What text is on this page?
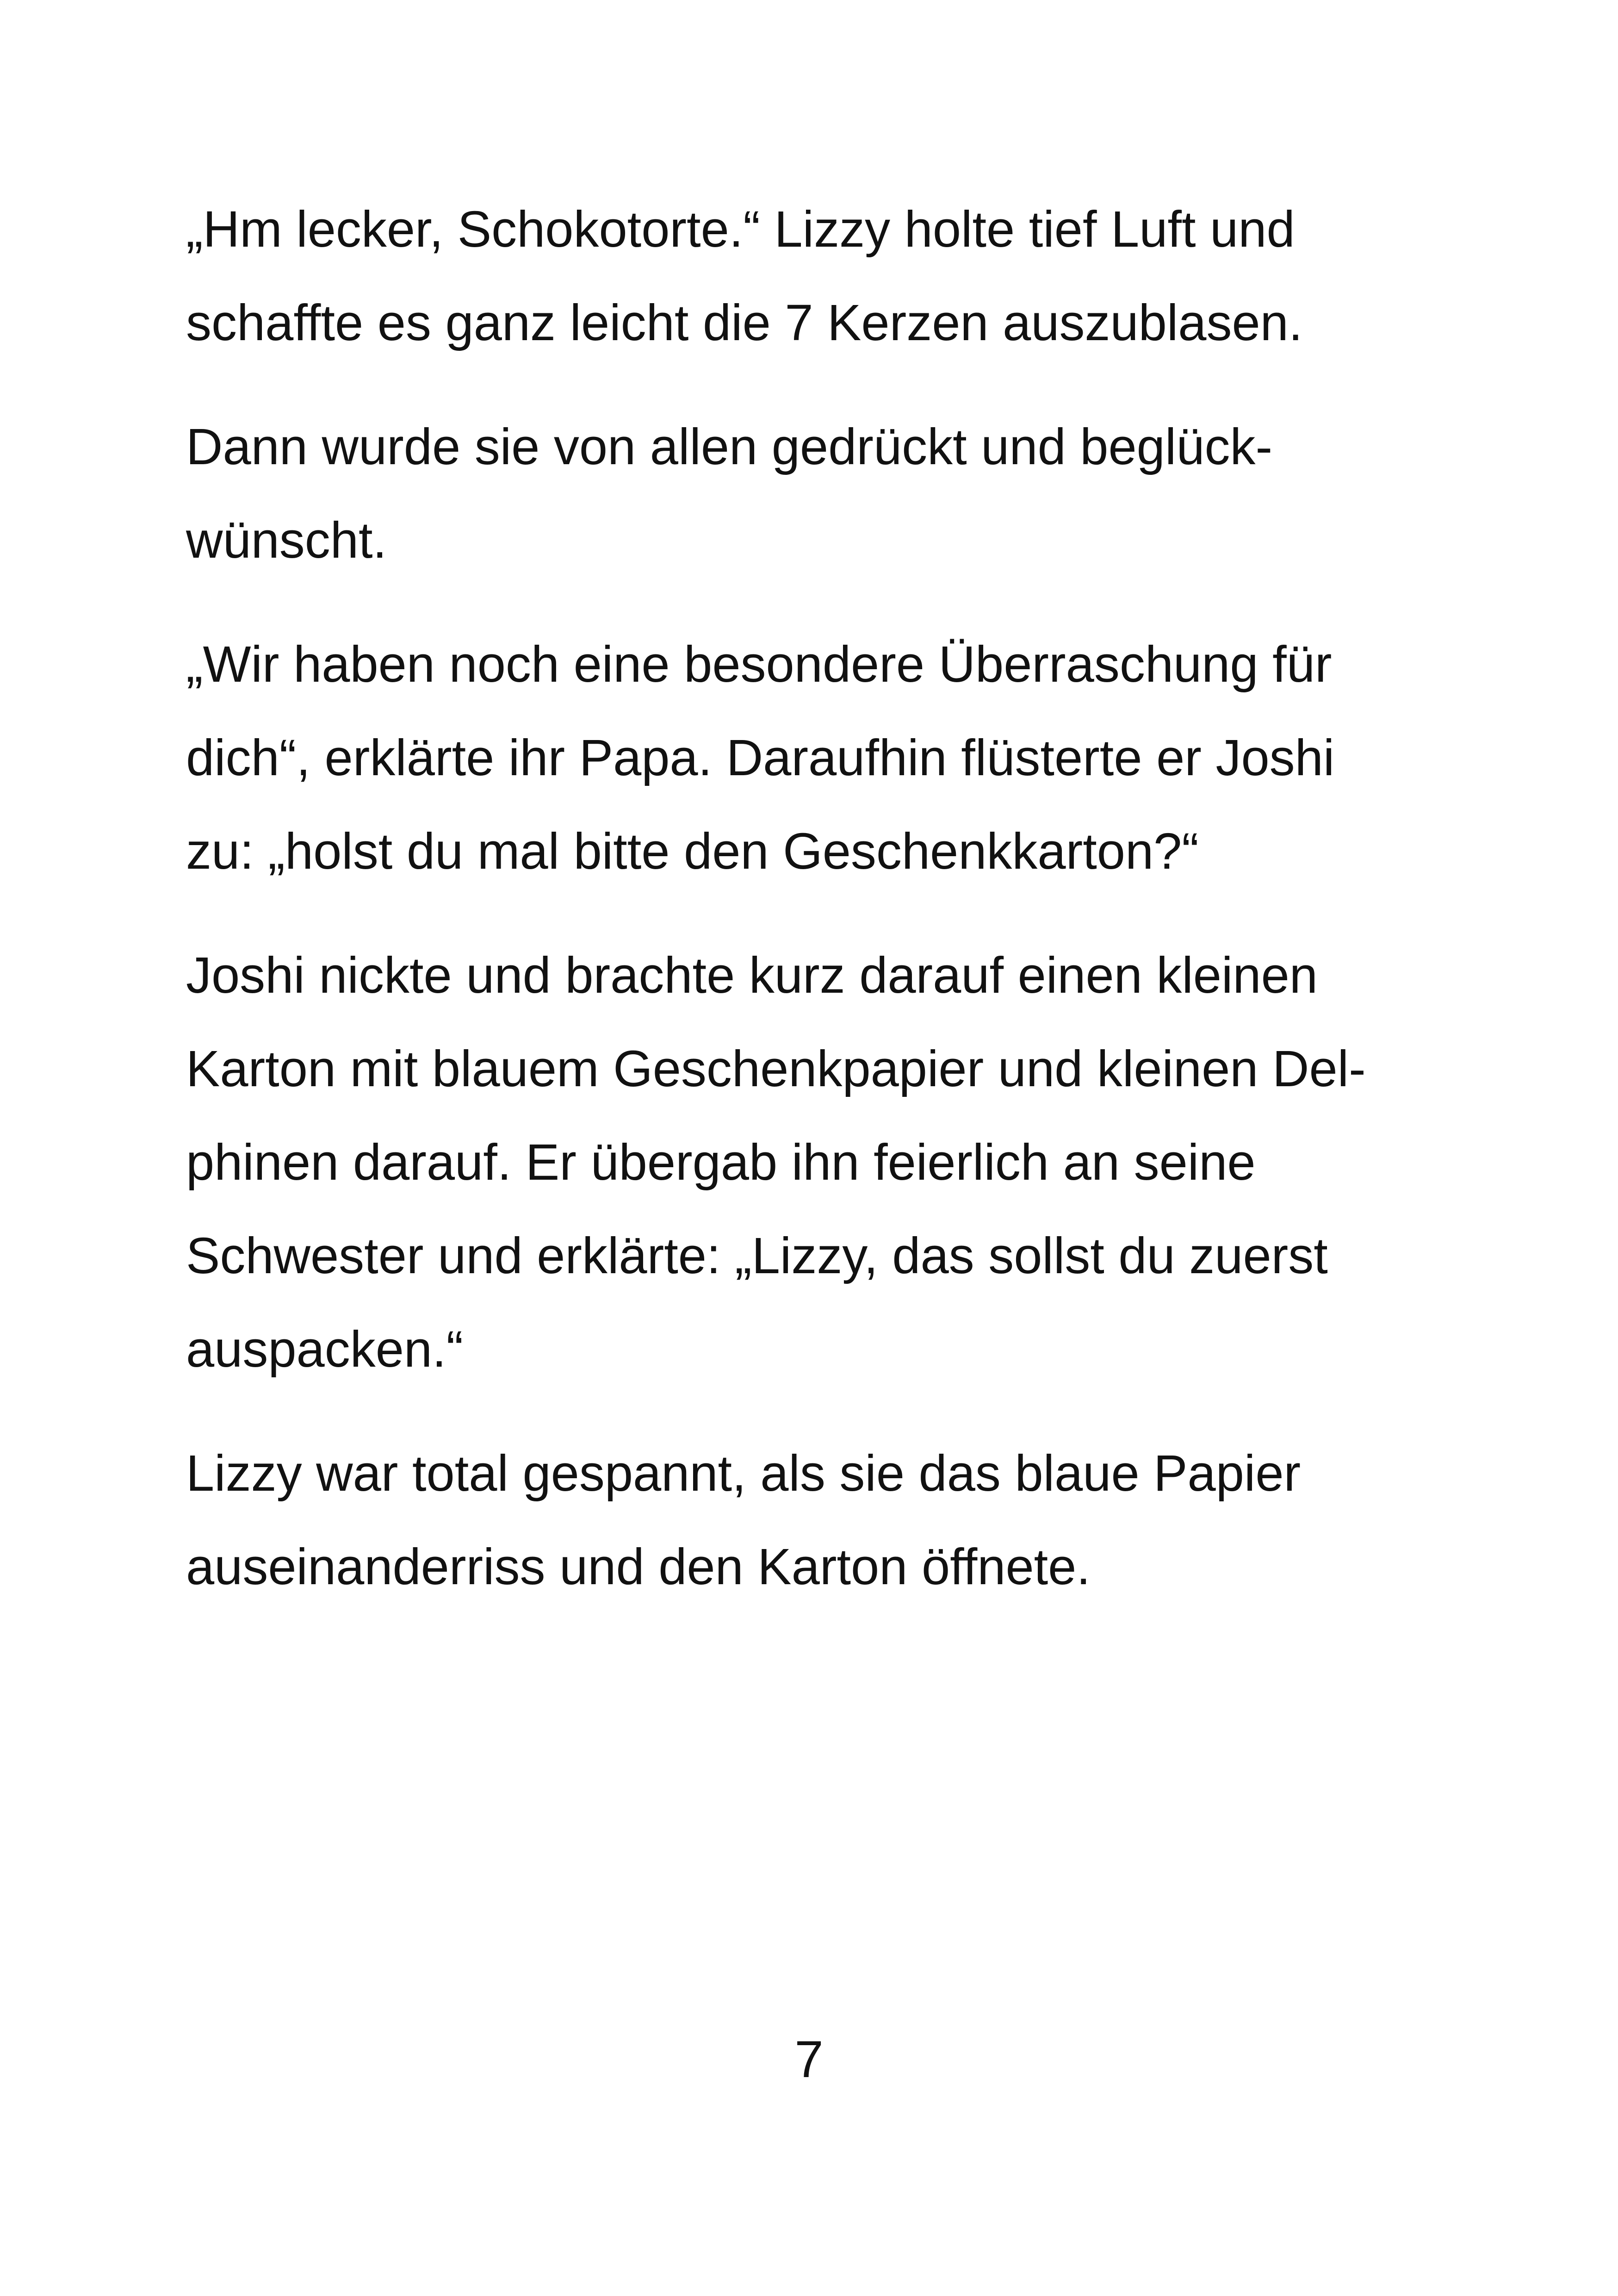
„Hm lecker, Schokotorte.“ Lizzy holte tief Luft und
schaffte es ganz leicht die 7 Kerzen auszublasen.

Dann wurde sie von allen gedrückt und beglück-
wünscht.

„Wir haben noch eine besondere Überraschung für
dich“, erklärte ihr Papa. Daraufhin flüsterte er Joshi
zu: „holst du mal bitte den Geschenkkarton?“

Joshi nickte und brachte kurz darauf einen kleinen
Karton mit blauem Geschenkpapier und kleinen Del-
phinen darauf. Er übergab ihn feierlich an seine
Schwester und erklärte: „Lizzy, das sollst du zuerst
auspacken.“

Lizzy war total gespannt, als sie das blaue Papier
auseinanderriss und den Karton öffnete.

7
